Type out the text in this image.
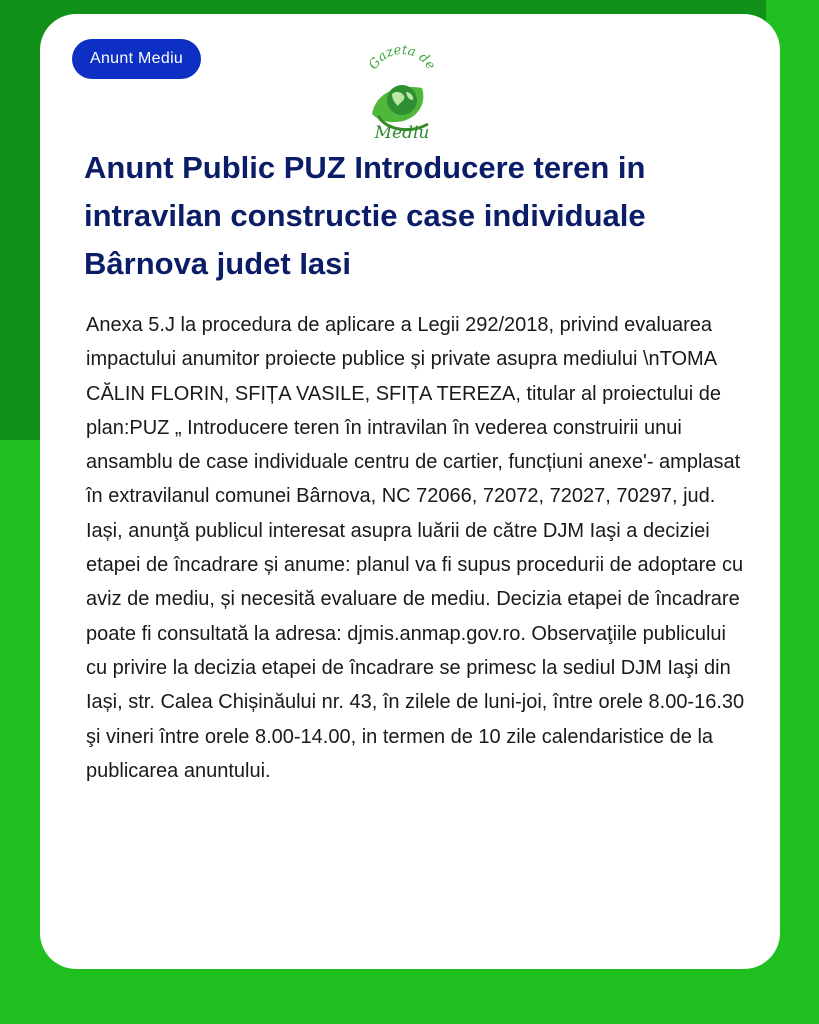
Anunt Mediu	Gazeta de
Mediu
Anunt Public PUZ Introducere teren in intravilan constructie case individuale Bârnova judet Iasi

Anexa 5.J la procedura de aplicare a Legii 292/2018, privind evaluarea impactului anumitor proiecte publice și private asupra mediului \nTOMA CĂLIN FLORIN, SFIȚA VASILE, SFIȚA TEREZA, titular al proiectului de plan:PUZ „ Introducere teren în intravilan în vederea construirii unui ansamblu de case individuale centru de cartier, funcțiuni anexe'- amplasat în extravilanul comunei Bârnova, NC 72066, 72072, 72027, 70297, jud. Iași, anunţă publicul interesat asupra luării de către DJM Iaşi a deciziei etapei de încadrare și anume: planul va fi supus procedurii de adoptare cu aviz de mediu, și necesită evaluare de mediu. Decizia etapei de încadrare poate fi consultată la adresa: djmis.anmap.gov.ro. Observaţiile publicului cu privire la decizia etapei de încadrare se primesc la sediul DJM Iaşi din Iași, str. Calea Chișinăului nr. 43, în zilele de luni-joi, între orele 8.00-16.30 şi vineri între orele 8.00-14.00, in termen de 10 zile calendaristice de la publicarea anuntului.
